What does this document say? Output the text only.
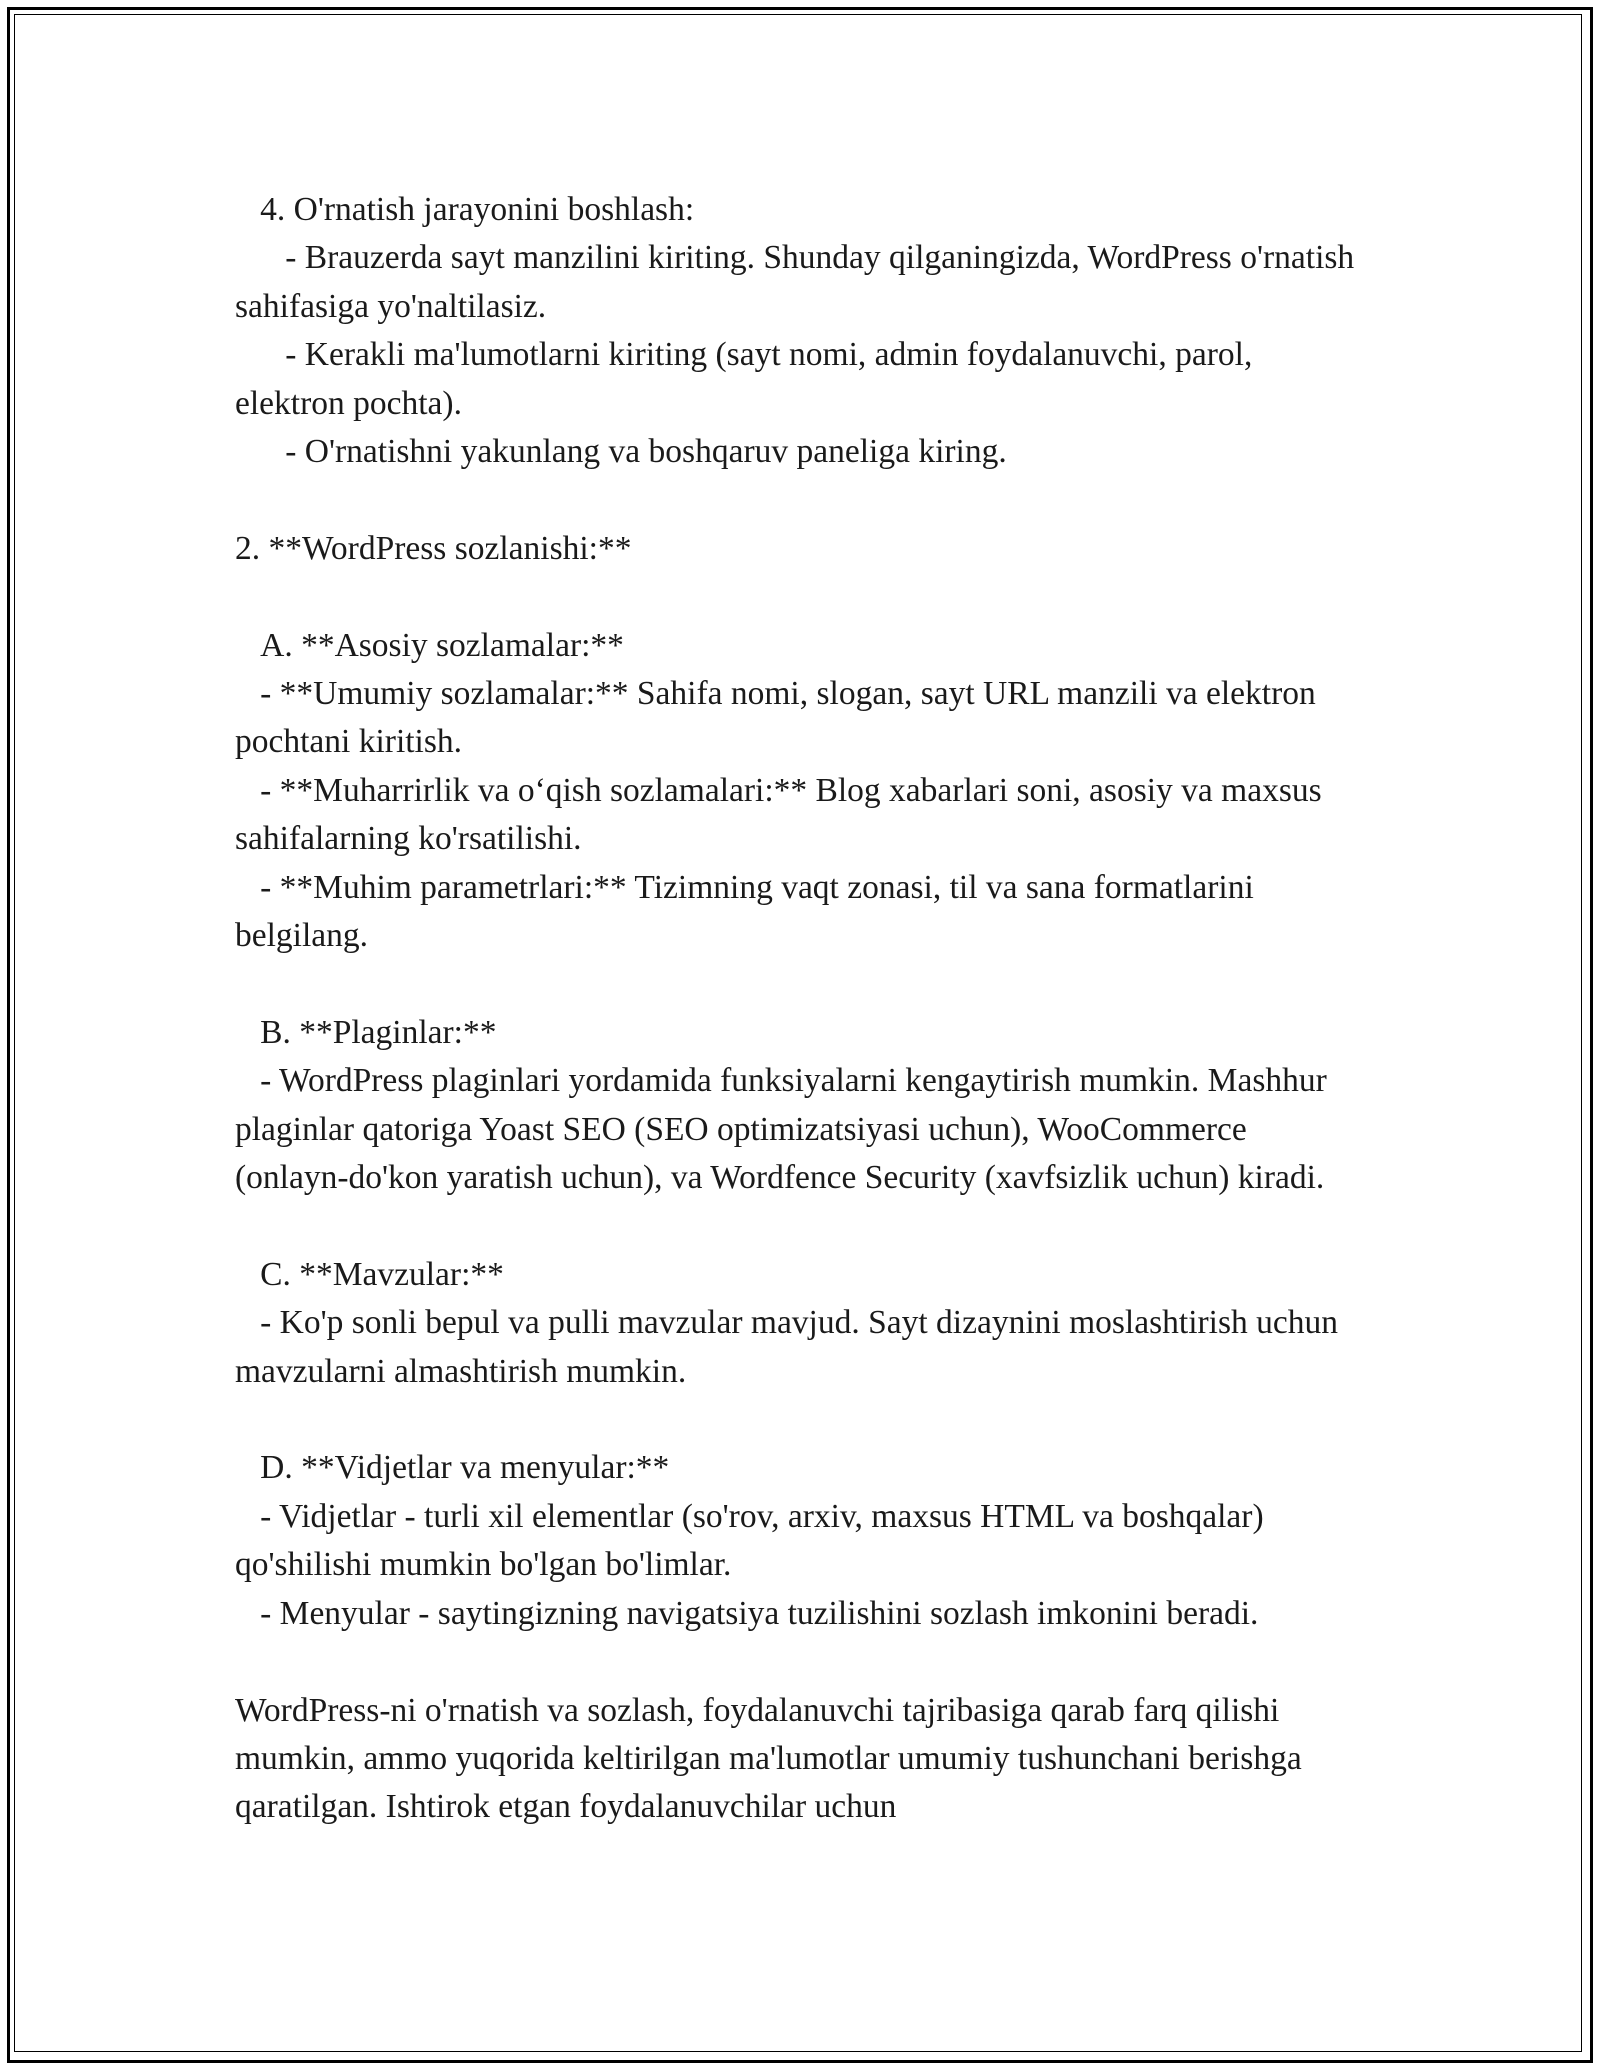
4. O'rnatish jarayonini boshlash:
- Brauzerda sayt manzilini kiriting. Shunday qilganingizda, WordPress o'rnatish sahifasiga yo'naltilasiz.
- Kerakli ma'lumotlarni kiriting (sayt nomi, admin foydalanuvchi, parol, elektron pochta).
- O'rnatishni yakunlang va boshqaruv paneliga kiring.
2. **WordPress sozlanishi:**
A. **Asosiy sozlamalar:**
- **Umumiy sozlamalar:** Sahifa nomi, slogan, sayt URL manzili va elektron pochtani kiritish.
- **Muharrirlik va o‘qish sozlamalari:** Blog xabarlari soni, asosiy va maxsus sahifalarning ko'rsatilishi.
- **Muhim parametrlari:** Tizimning vaqt zonasi, til va sana formatlarini belgilang.
B. **Plaginlar:**
- WordPress plaginlari yordamida funksiyalarni kengaytirish mumkin. Mashhur plaginlar qatoriga Yoast SEO (SEO optimizatsiyasi uchun), WooCommerce (onlayn-do'kon yaratish uchun), va Wordfence Security (xavfsizlik uchun) kiradi.
C. **Mavzular:**
- Ko'p sonli bepul va pulli mavzular mavjud. Sayt dizaynini moslashtirish uchun mavzularni almashtirish mumkin.
D. **Vidjetlar va menyular:**
- Vidjetlar - turli xil elementlar (so'rov, arxiv, maxsus HTML va boshqalar) qo'shilishi mumkin bo'lgan bo'limlar.
- Menyular - saytingizning navigatsiya tuzilishini sozlash imkonini beradi.
WordPress-ni o'rnatish va sozlash, foydalanuvchi tajribasiga qarab farq qilishi mumkin, ammo yuqorida keltirilgan ma'lumotlar umumiy tushunchani berishga qaratilgan. Ishtirok etgan foydalanuvchilar uchun
